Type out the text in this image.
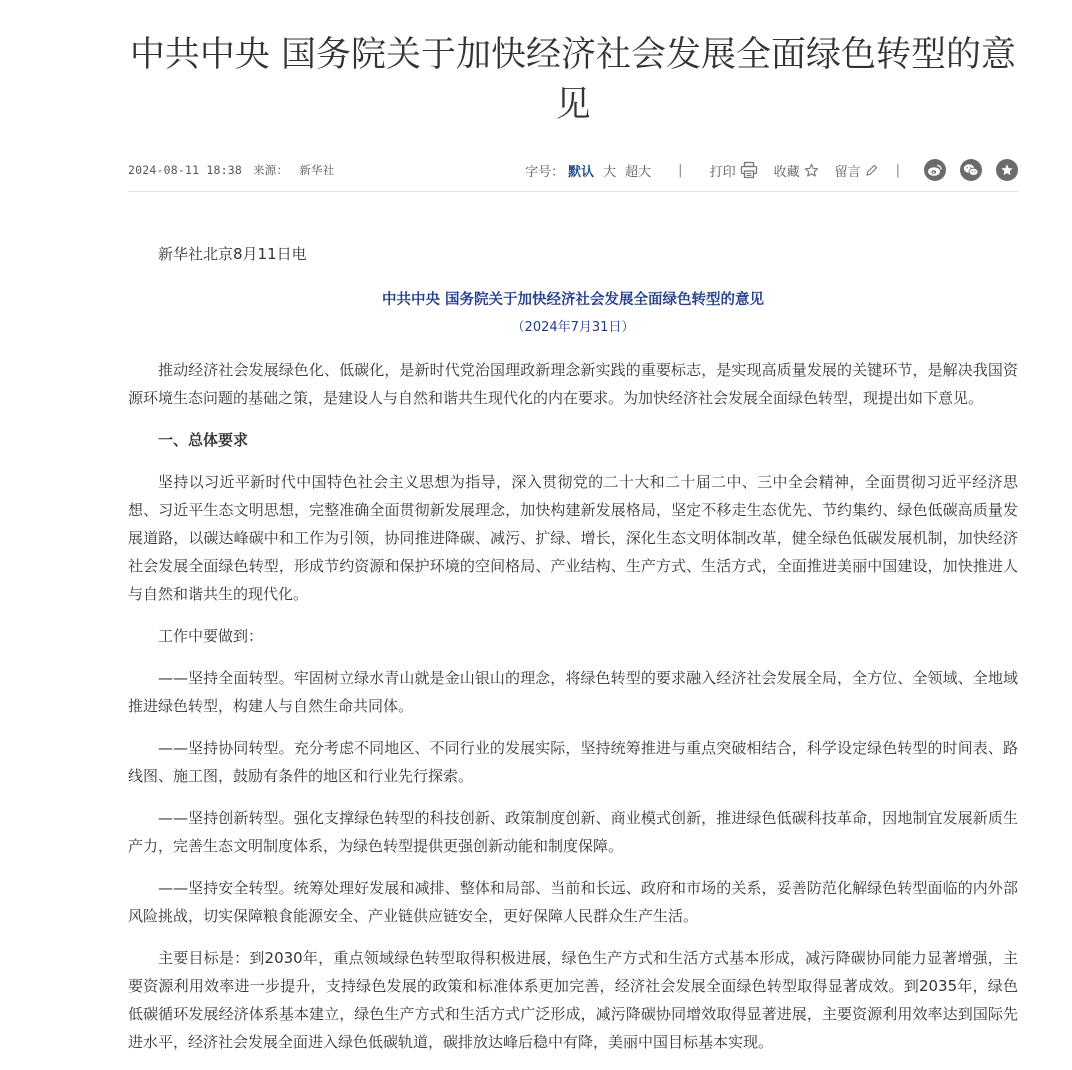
中共中央 国务院关于加快经济社会发展全面绿色转型的意见
2024-08-11 18:38 来源： 新华社	字号： 默认 大 超大 | 打印	收藏	留言	|

新华社北京8月11日电

中共中央 国务院关于加快经济社会发展全面绿色转型的意见

（2024年7月31日）

推动经济社会发展绿色化、低碳化，是新时代党治国理政新理念新实践的重要标志，是实现高质量发展的关键环节，是解决我国资源环境生态问题的基础之策，是建设人与自然和谐共生现代化的内在要求。为加快经济社会发展全面绿色转型，现提出如下意见。

一、总体要求

坚持以习近平新时代中国特色社会主义思想为指导，深入贯彻党的二十大和二十届二中、三中全会精神，全面贯彻习近平经济思想、习近平生态文明思想，完整准确全面贯彻新发展理念，加快构建新发展格局，坚定不移走生态优先、节约集约、绿色低碳高质量发展道路，以碳达峰碳中和工作为引领，协同推进降碳、减污、扩绿、增长，深化生态文明体制改革，健全绿色低碳发展机制，加快经济社会发展全面绿色转型，形成节约资源和保护环境的空间格局、产业结构、生产方式、生活方式，全面推进美丽中国建设，加快推进人与自然和谐共生的现代化。

工作中要做到：

——坚持全面转型。牢固树立绿水青山就是金山银山的理念，将绿色转型的要求融入经济社会发展全局，全方位、全领域、全地域推进绿色转型，构建人与自然生命共同体。

——坚持协同转型。充分考虑不同地区、不同行业的发展实际，坚持统筹推进与重点突破相结合，科学设定绿色转型的时间表、路线图、施工图，鼓励有条件的地区和行业先行探索。

——坚持创新转型。强化支撑绿色转型的科技创新、政策制度创新、商业模式创新，推进绿色低碳科技革命，因地制宜发展新质生产力，完善生态文明制度体系，为绿色转型提供更强创新动能和制度保障。

——坚持安全转型。统筹处理好发展和减排、整体和局部、当前和长远、政府和市场的关系，妥善防范化解绿色转型面临的内外部风险挑战，切实保障粮食能源安全、产业链供应链安全，更好保障人民群众生产生活。

主要目标是：到2030年，重点领域绿色转型取得积极进展，绿色生产方式和生活方式基本形成，减污降碳协同能力显著增强，主要资源利用效率进一步提升，支持绿色发展的政策和标准体系更加完善，经济社会发展全面绿色转型取得显著成效。到2035年，绿色低碳循环发展经济体系基本建立，绿色生产方式和生活方式广泛形成，减污降碳协同增效取得显著进展，主要资源利用效率达到国际先进水平，经济社会发展全面进入绿色低碳轨道，碳排放达峰后稳中有降，美丽中国目标基本实现。
